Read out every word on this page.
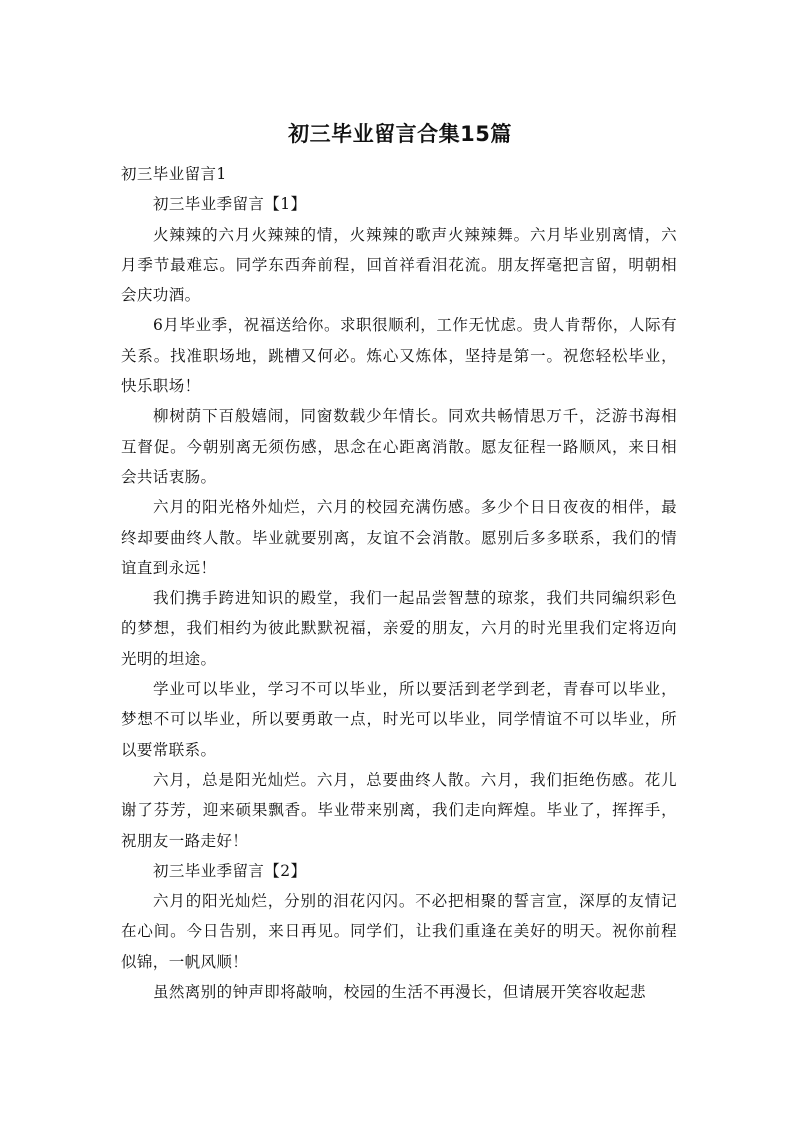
初三毕业留言合集15篇

初三毕业留言1

初三毕业季留言【1】

火辣辣的六月火辣辣的情，火辣辣的歌声火辣辣舞。六月毕业别离情，六月季节最难忘。同学东西奔前程，回首祥看泪花流。朋友挥毫把言留，明朝相会庆功酒。

6月毕业季，祝福送给你。求职很顺利，工作无忧虑。贵人肯帮你，人际有关系。找准职场地，跳槽又何必。炼心又炼体，坚持是第一。祝您轻松毕业，快乐职场！

柳树荫下百般嬉闹，同窗数载少年情长。同欢共畅情思万千，泛游书海相互督促。今朝别离无须伤感，思念在心距离消散。愿友征程一路顺风，来日相会共话衷肠。

六月的阳光格外灿烂，六月的校园充满伤感。多少个日日夜夜的相伴，最终却要曲终人散。毕业就要别离，友谊不会消散。愿别后多多联系，我们的情谊直到永远！

我们携手跨进知识的殿堂，我们一起品尝智慧的琼浆，我们共同编织彩色的梦想，我们相约为彼此默默祝福，亲爱的朋友，六月的时光里我们定将迈向光明的坦途。

学业可以毕业，学习不可以毕业，所以要活到老学到老，青春可以毕业，梦想不可以毕业，所以要勇敢一点，时光可以毕业，同学情谊不可以毕业，所以要常联系。

六月，总是阳光灿烂。六月，总要曲终人散。六月，我们拒绝伤感。花儿谢了芬芳，迎来硕果飘香。毕业带来别离，我们走向辉煌。毕业了，挥挥手，祝朋友一路走好！

初三毕业季留言【2】

六月的阳光灿烂，分别的泪花闪闪。不必把相聚的誓言宣，深厚的友情记在心间。今日告别，来日再见。同学们，让我们重逢在美好的明天。祝你前程似锦，一帆风顺！

虽然离别的钟声即将敲响，校园的生活不再漫长，但请展开笑容收起悲
